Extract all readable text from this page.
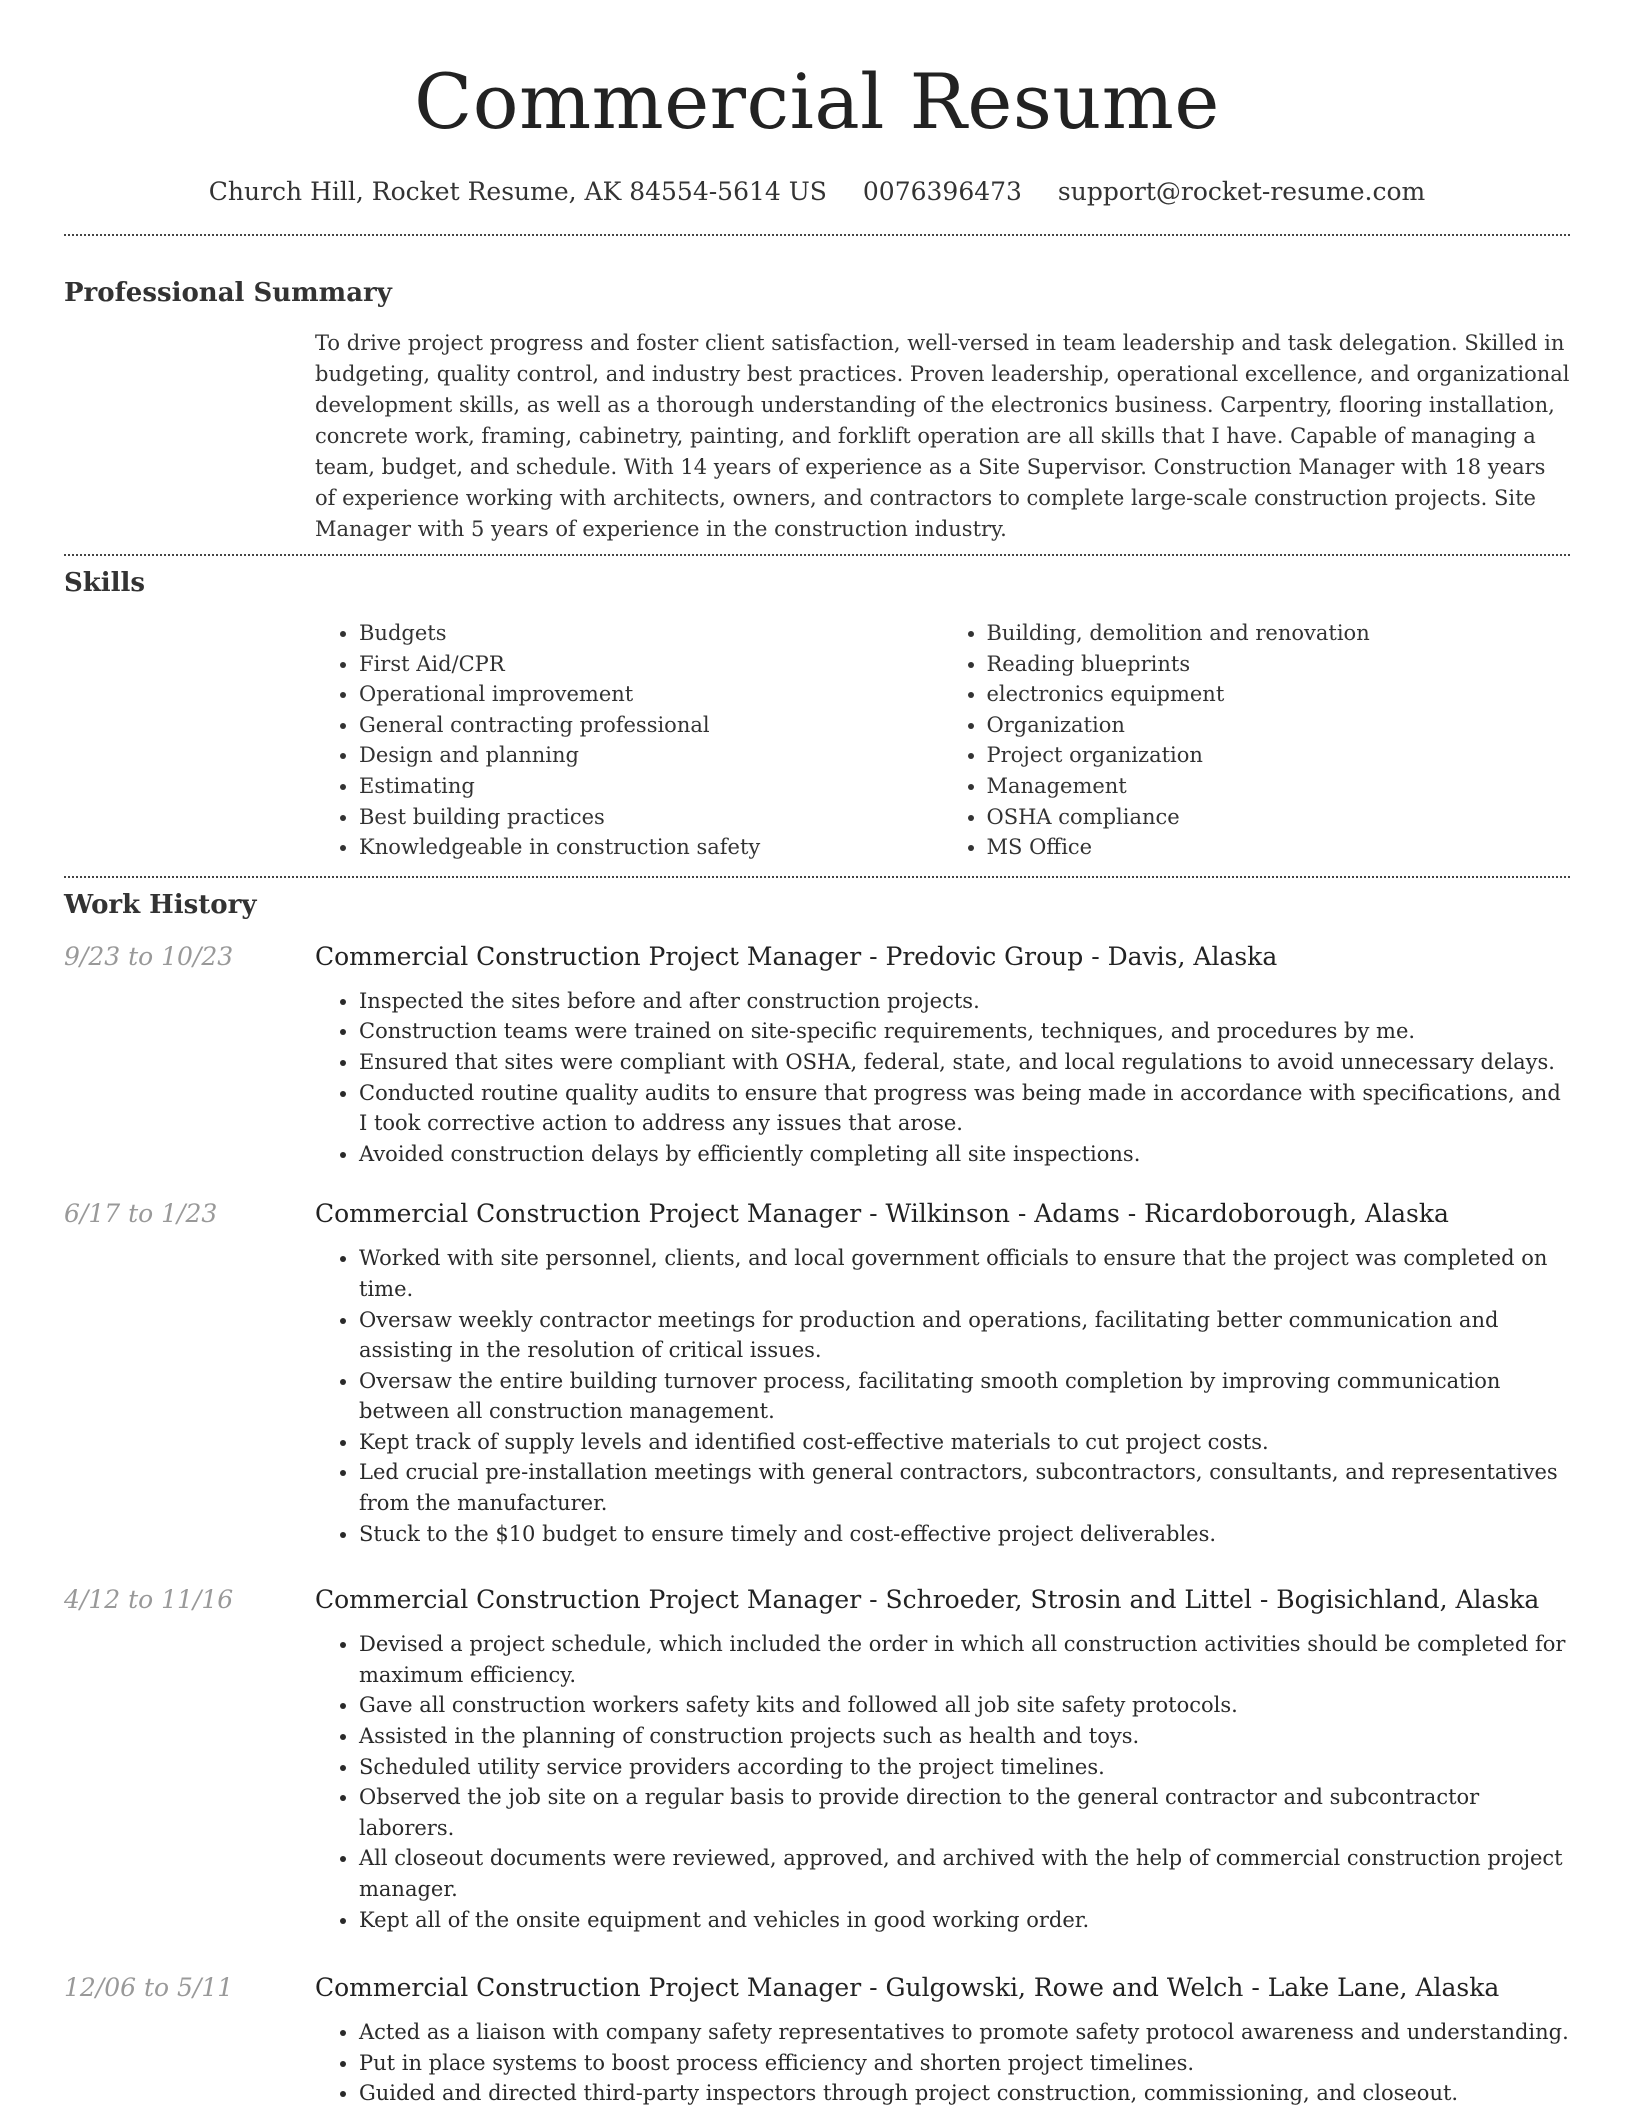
Commercial Resume
Church Hill, Rocket Resume, AK 84554-5614 US 0076396473 support@rocket-resume.com
Professional Summary

To drive project progress and foster client satisfaction, well-versed in team leadership and task delegation. Skilled in budgeting, quality control, and industry best practices. Proven leadership, operational excellence, and organizational development skills, as well as a thorough understanding of the electronics business. Carpentry, flooring installation, concrete work, framing, cabinetry, painting, and forklift operation are all skills that I have. Capable of managing a team, budget, and schedule. With 14 years of experience as a Site Supervisor. Construction Manager with 18 years of experience working with architects, owners, and contractors to complete large-scale construction projects. Site Manager with 5 years of experience in the construction industry.

Skills
• Budgets
• First Aid/CPR
• Operational improvement
• General contracting professional
• Design and planning
• Estimating
• Best building practices
• Knowledgeable in construction safety
• Building, demolition and renovation
• Reading blueprints
• electronics equipment
• Organization
• Project organization
• Management
• OSHA compliance
• MS Office
Work History
9/23 to 10/23	Commercial Construction Project Manager - Predovic Group - Davis, Alaska
• Inspected the sites before and after construction projects.
• Construction teams were trained on site-specific requirements, techniques, and procedures by me.
• Ensured that sites were compliant with OSHA, federal, state, and local regulations to avoid unnecessary delays.
• Conducted routine quality audits to ensure that progress was being made in accordance with specifications, and I took corrective action to address any issues that arose.
• Avoided construction delays by efficiently completing all site inspections.
6/17 to 1/23	Commercial Construction Project Manager - Wilkinson - Adams - Ricardoborough, Alaska
• Worked with site personnel, clients, and local government officials to ensure that the project was completed on time.
• Oversaw weekly contractor meetings for production and operations, facilitating better communication and assisting in the resolution of critical issues.
• Oversaw the entire building turnover process, facilitating smooth completion by improving communication between all construction management.
• Kept track of supply levels and identified cost-effective materials to cut project costs.
• Led crucial pre-installation meetings with general contractors, subcontractors, consultants, and representatives from the manufacturer.
• Stuck to the $10 budget to ensure timely and cost-effective project deliverables.
4/12 to 11/16	Commercial Construction Project Manager - Schroeder, Strosin and Littel - Bogisichland, Alaska
• Devised a project schedule, which included the order in which all construction activities should be completed for maximum efficiency.
• Gave all construction workers safety kits and followed all job site safety protocols.
• Assisted in the planning of construction projects such as health and toys.
• Scheduled utility service providers according to the project timelines.
• Observed the job site on a regular basis to provide direction to the general contractor and subcontractor laborers.
• All closeout documents were reviewed, approved, and archived with the help of commercial construction project manager.
• Kept all of the onsite equipment and vehicles in good working order.
12/06 to 5/11	Commercial Construction Project Manager - Gulgowski, Rowe and Welch - Lake Lane, Alaska
• Acted as a liaison with company safety representatives to promote safety protocol awareness and understanding.
• Put in place systems to boost process efficiency and shorten project timelines.
• Guided and directed third-party inspectors through project construction, commissioning, and closeout.
